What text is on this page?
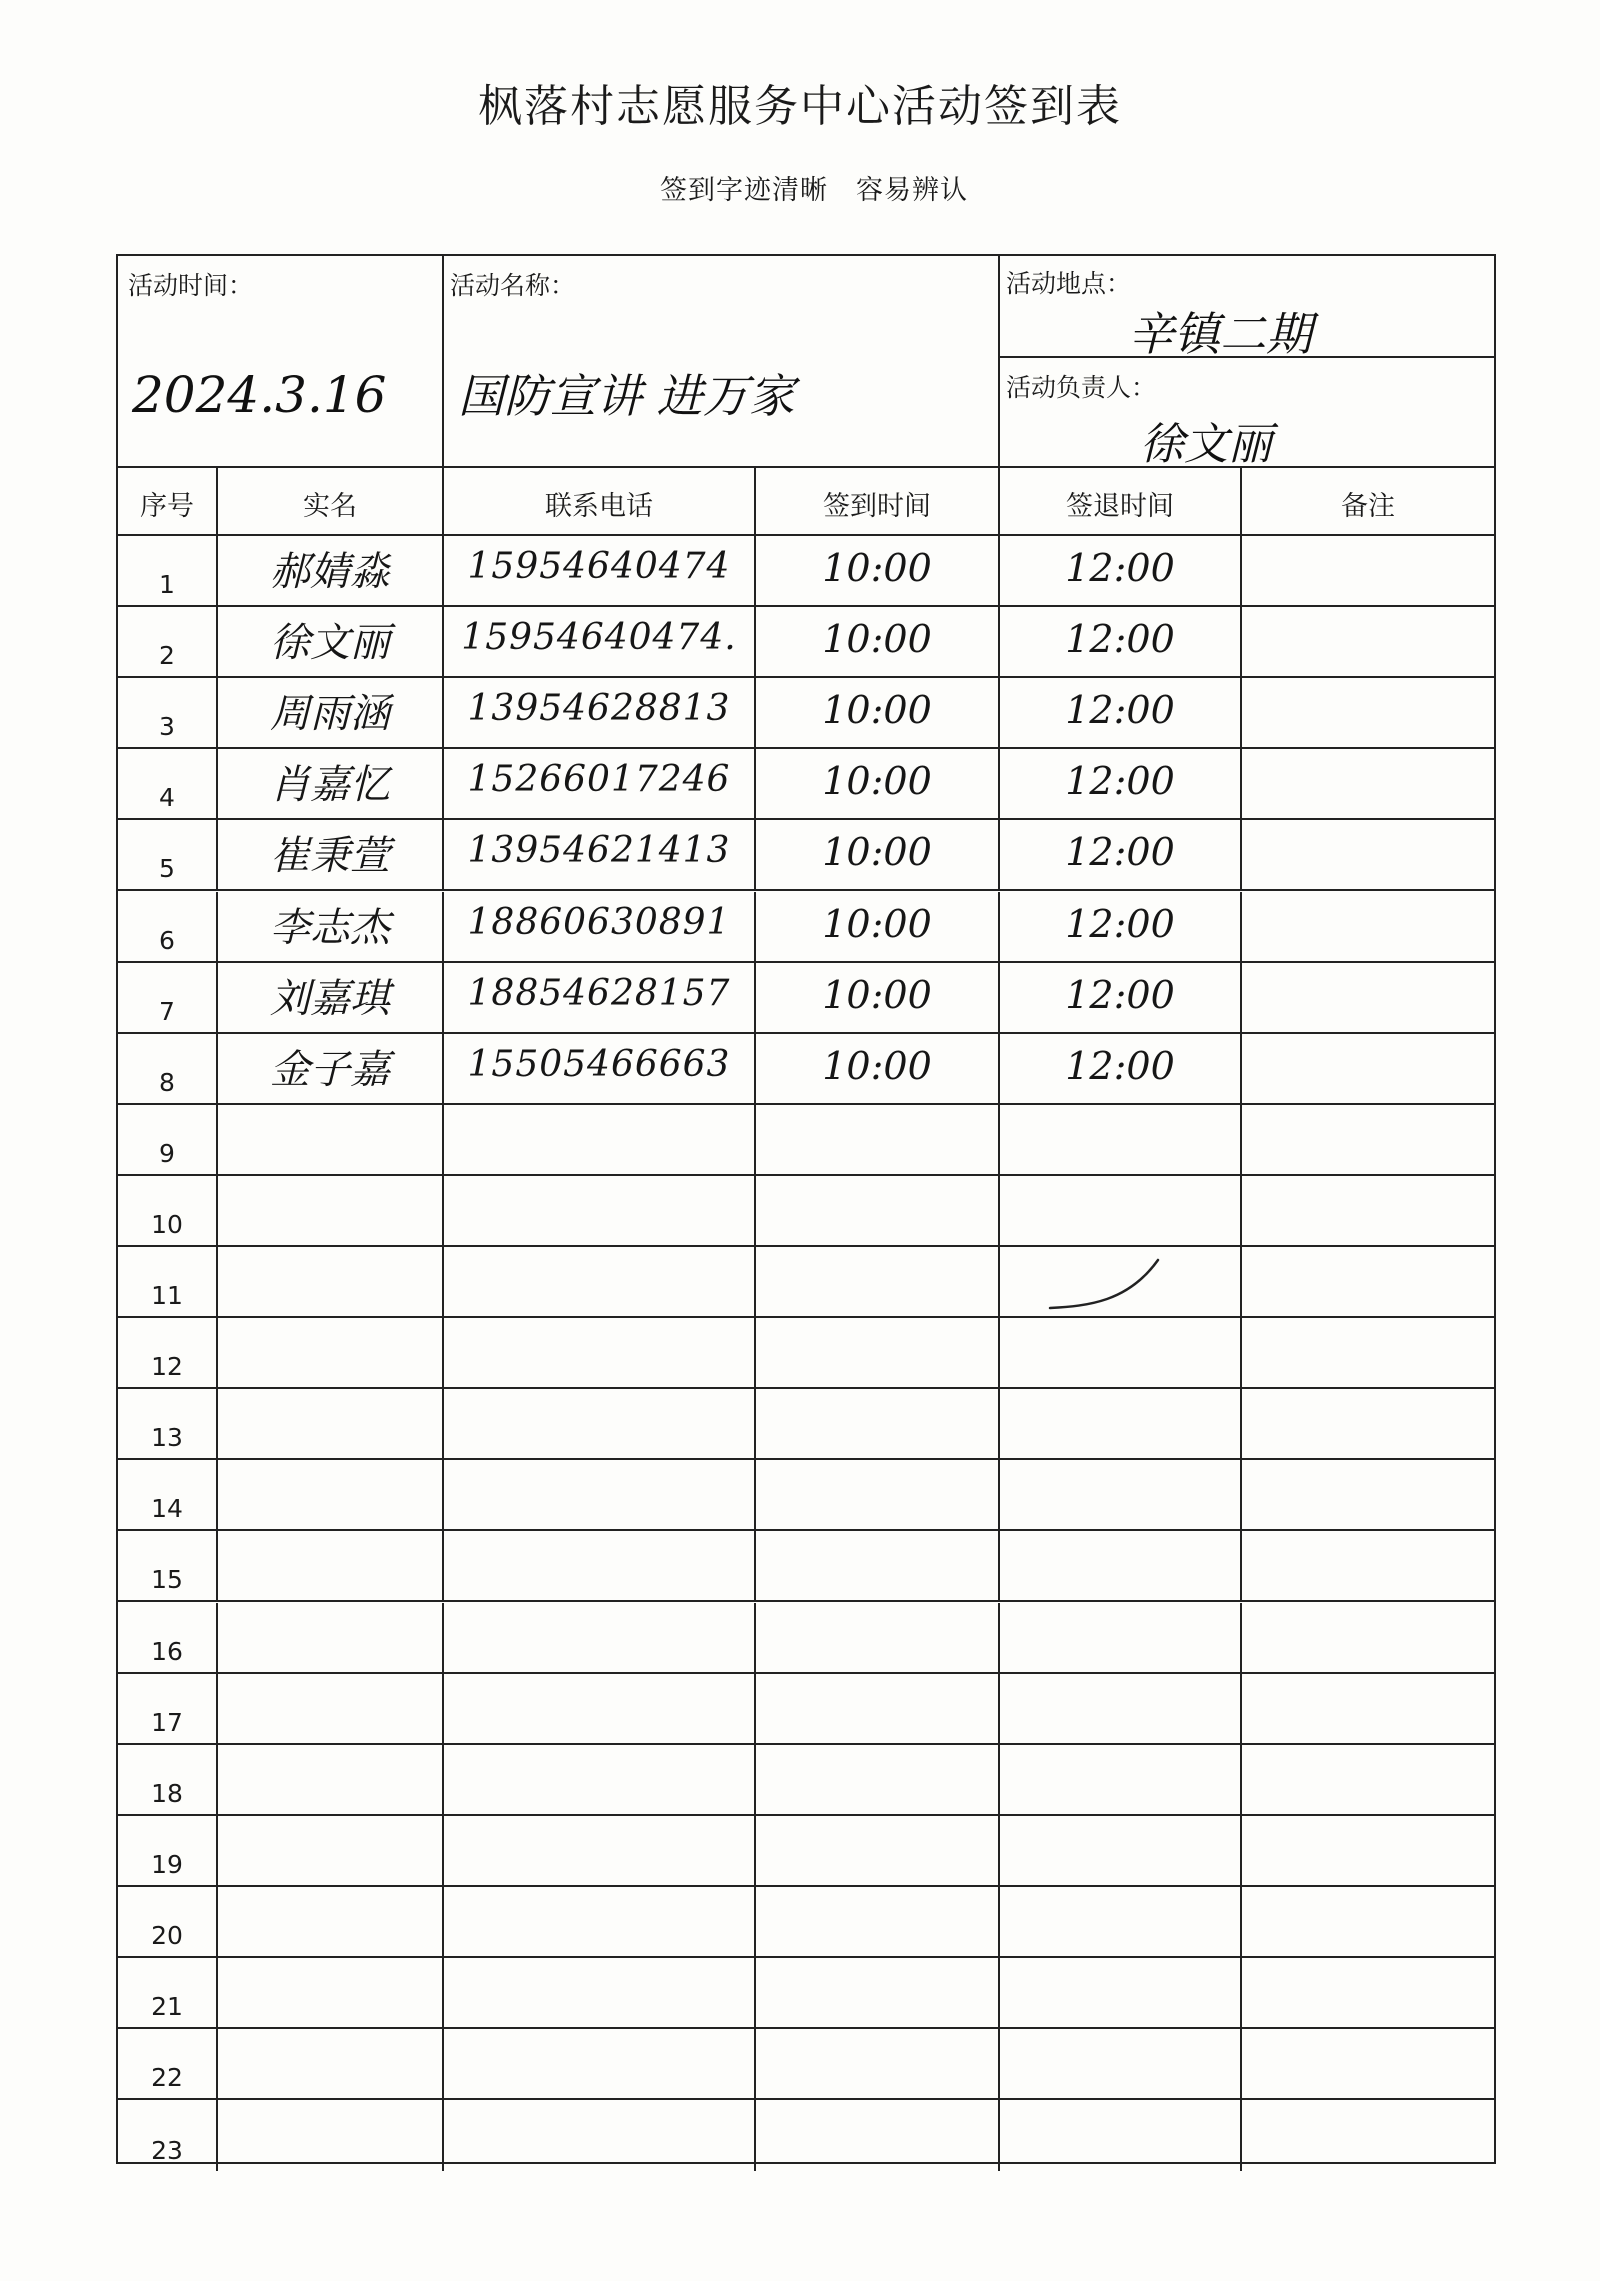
枫落村志愿服务中心活动签到表
签到字迹清晰　容易辨认
活动时间：
2024.3.16
活动名称：
国防宣讲 进万家
活动地点：
辛镇二期
活动负责人：
徐文丽
序号	实名	联系电话	签到时间	签退时间	备注
1	郝婧淼	15954640474	10:00	12:00
2	徐文丽	15954640474.	10:00	12:00
3	周雨涵	13954628813	10:00	12:00
4	肖嘉忆	15266017246	10:00	12:00
5	崔秉萱	13954621413	10:00	12:00
6	李志杰	18860630891	10:00	12:00
7	刘嘉琪	18854628157	10:00	12:00
8	金子嘉	15505466663	10:00	12:00
9
10
11
12
13
14
15
16
17
18
19
20
21
22
23
